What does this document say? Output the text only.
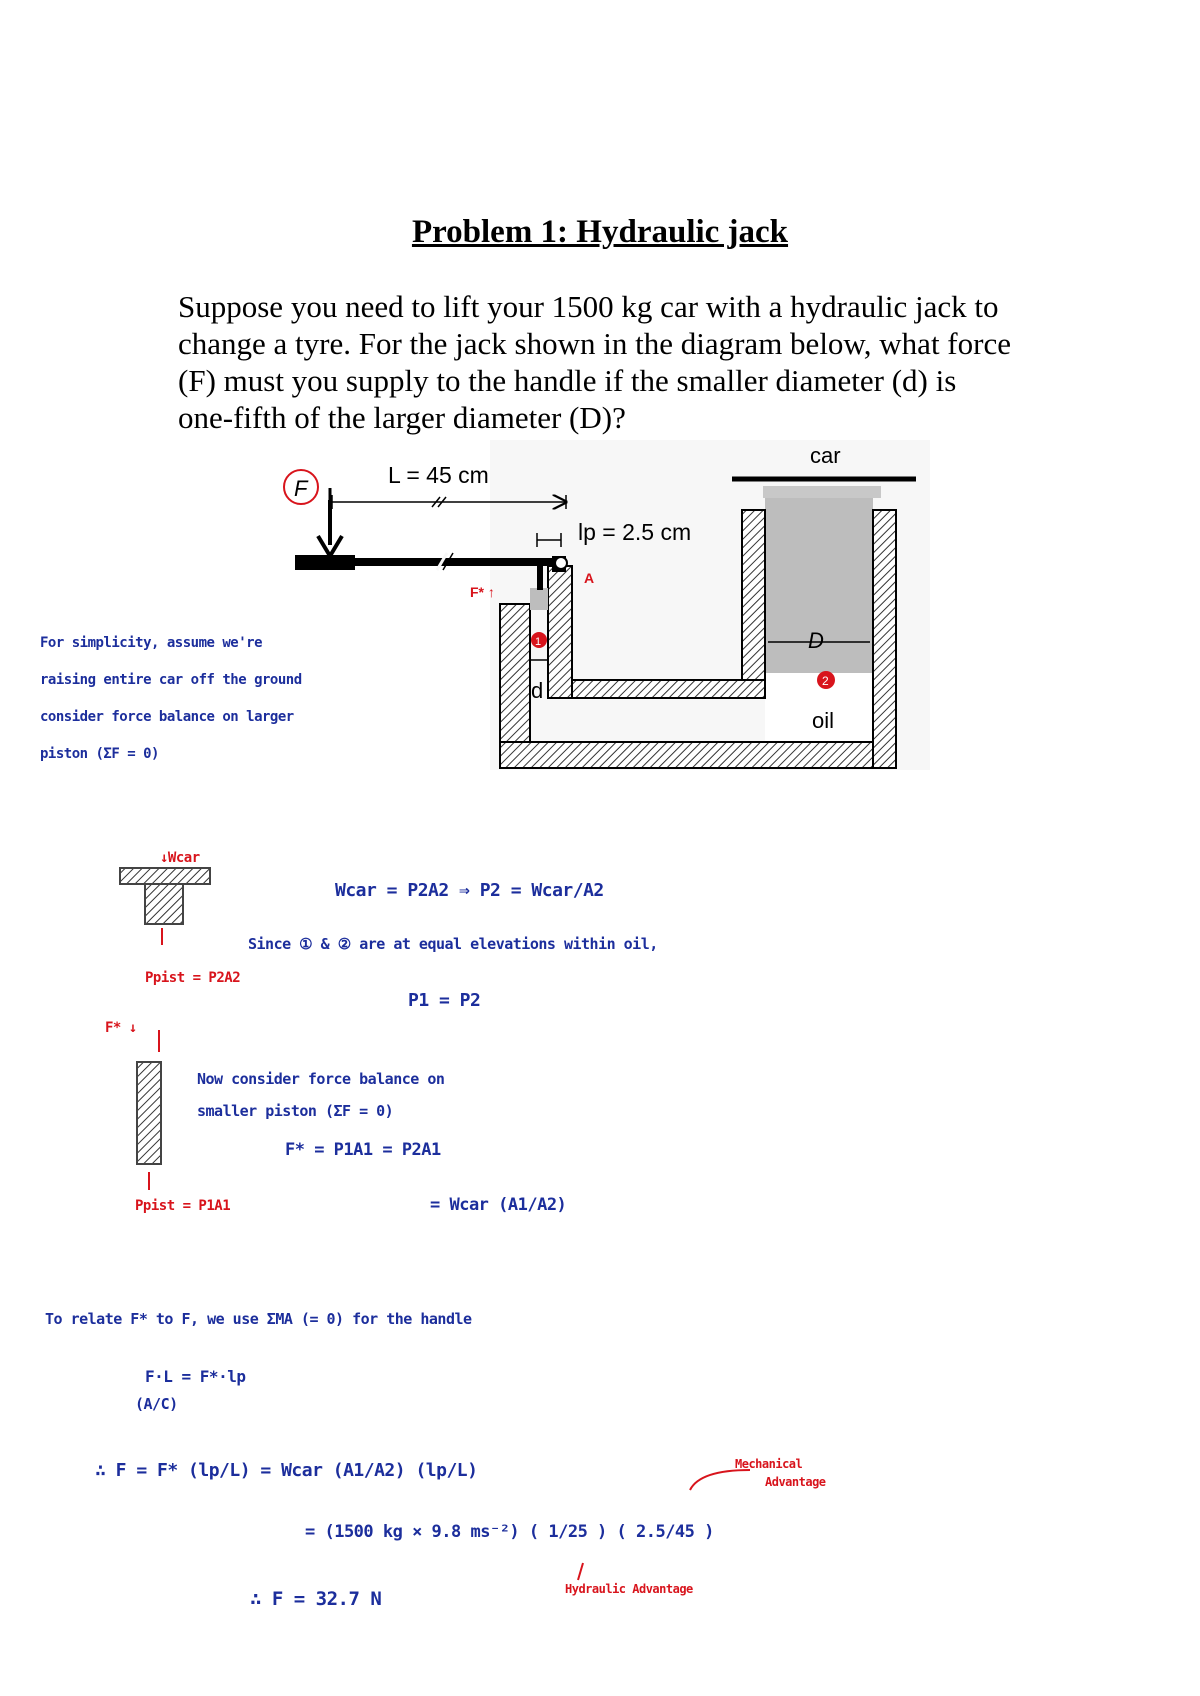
Problem 1: Hydraulic jack
Suppose you need to lift your 1500 kg car with a hydraulic jack to
change a tyre. For the jack shown in the diagram below, what force
(F) must you supply to the handle if the smaller diameter (d) is
one-fifth of the larger diameter (D)?
F
L = 45 cm
lp = 2.5 cm
car
oil
d
D
A
F* ↑
1
2
For simplicity, assume we're
raising entire car off the ground
consider force balance on larger
piston (ΣF = 0)
↓Wcar
Ppist = P2A2
Wcar = P2A2 ⇒ P2 = Wcar/A2
Since ① & ② are at equal elevations within oil,
P1 = P2
Now consider force balance on
smaller piston (ΣF = 0)
F* ↓
F* = P1A1 = P2A1
= Wcar (A1/A2)
Ppist = P1A1
To relate F* to F, we use ΣMA (= 0) for the handle
F·L = F*·lp
(A/C)
∴ F = F* (lp/L) = Wcar (A1/A2) (lp/L)
= (1500 kg × 9.8 ms⁻²) ( 1/25 ) ( 2.5/45 )
∴ F = 32.7 N
Mechanical
Advantage
Hydraulic Advantage
